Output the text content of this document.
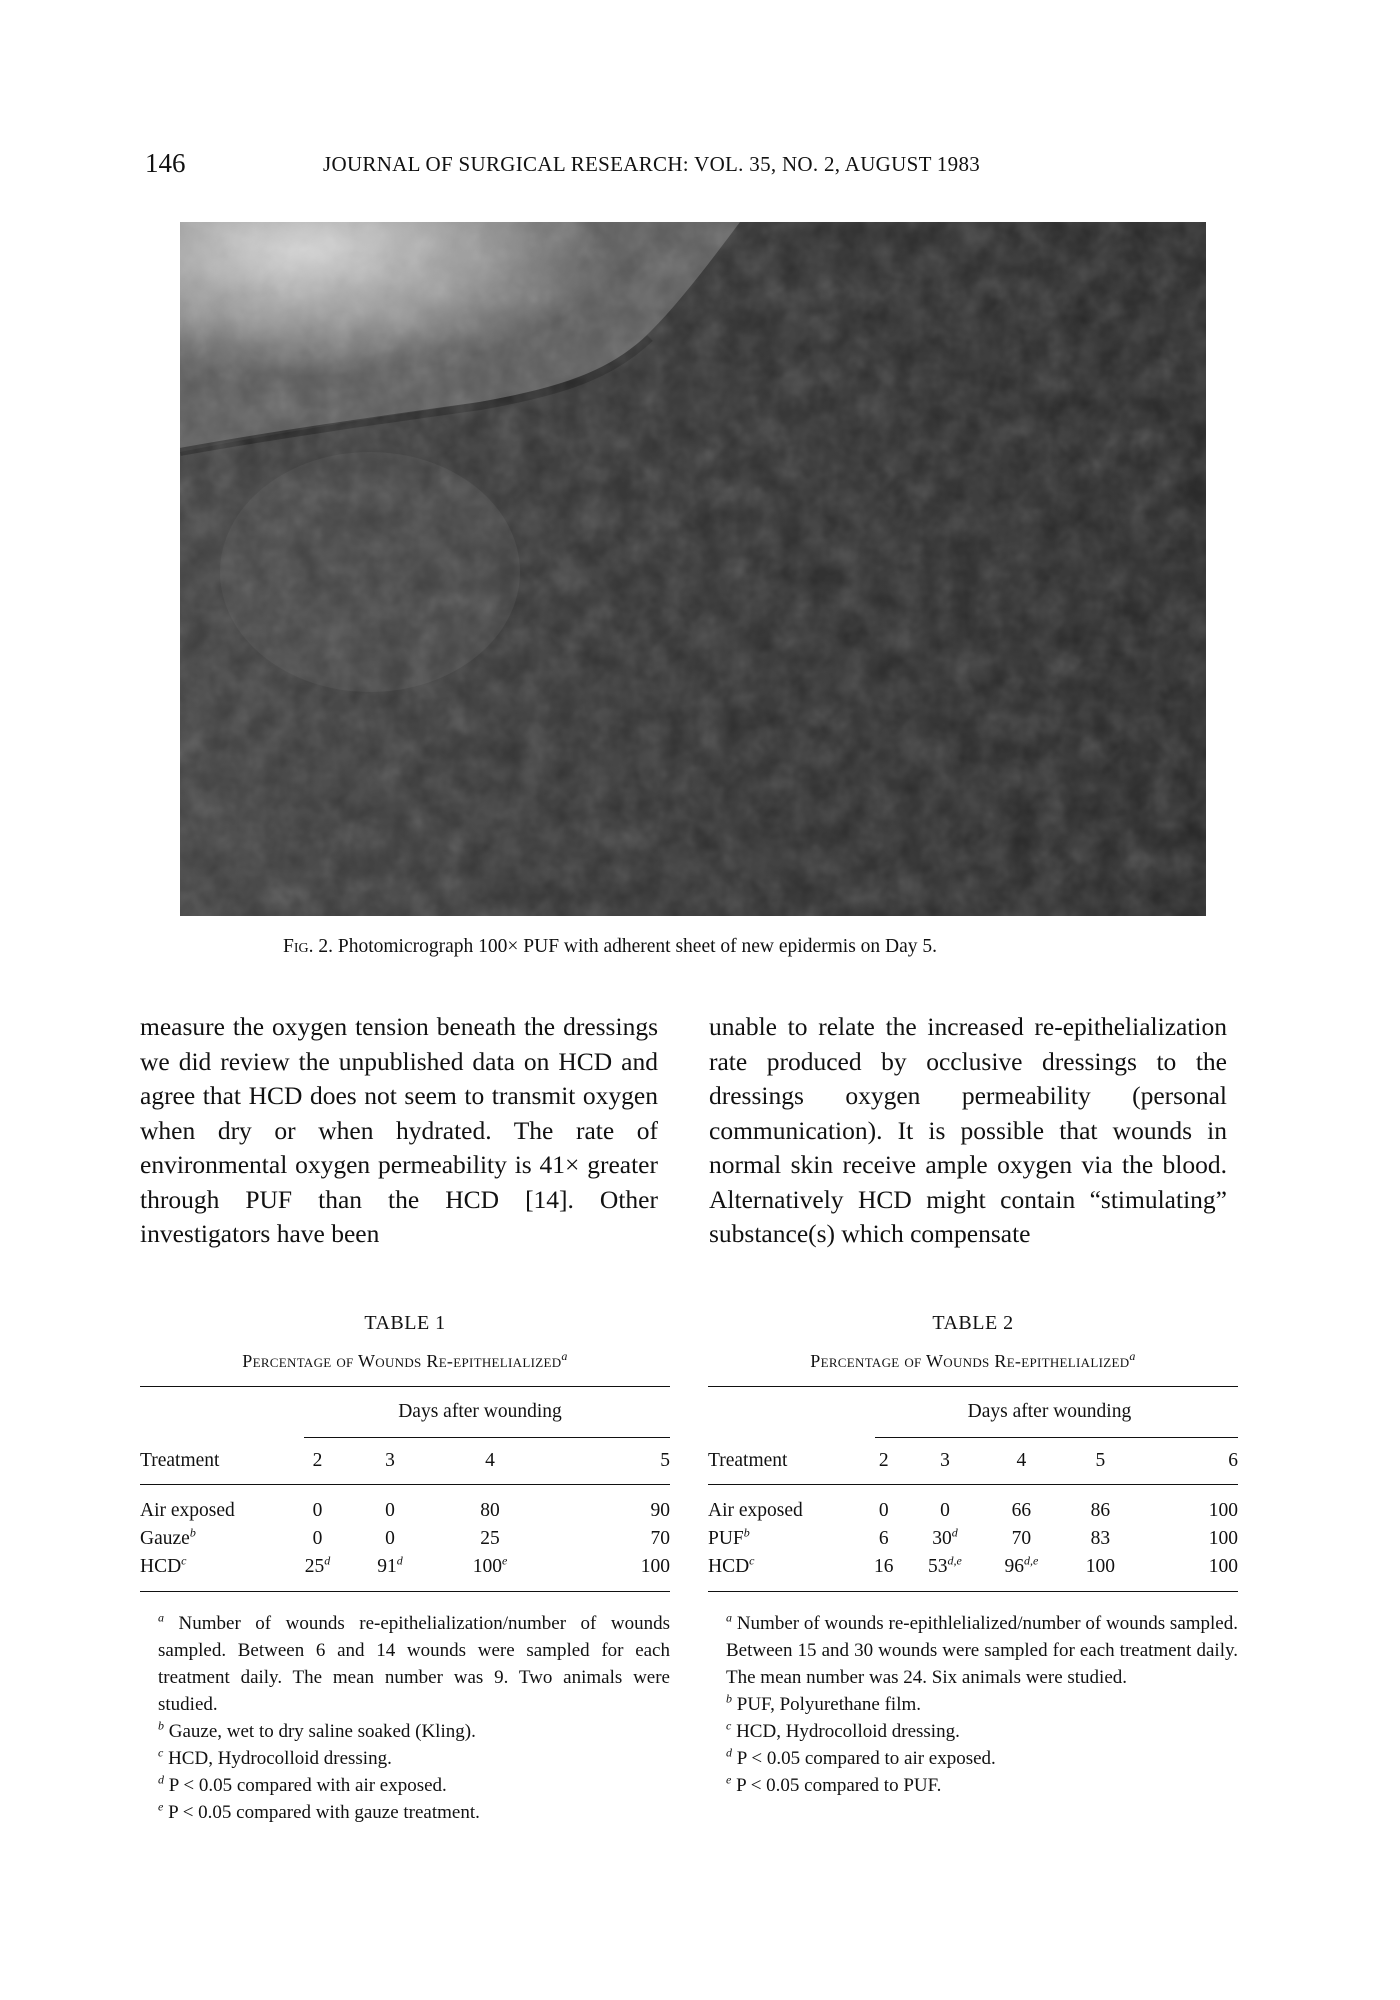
146	JOURNAL OF SURGICAL RESEARCH: VOL. 35, NO. 2, AUGUST 1983
Fig. 2. Photomicrograph 100× PUF with adherent sheet of new epidermis on Day 5.
measure the oxygen tension beneath the dressings we did review the unpublished data on HCD and agree that HCD does not seem to transmit oxygen when dry or when hydrated. The rate of environmental oxygen permeability is 41× greater through PUF than the HCD [14]. Other investigators have been
unable to relate the increased re-epithelialization rate produced by occlusive dressings to the dressings oxygen permeability (personal communication). It is possible that wounds in normal skin receive ample oxygen via the blood. Alternatively HCD might contain “stimulating” substance(s) which compensate
TABLE 1
Percentage of Wounds Re-epithelialized$^a$
	Days after wounding			

Treatment	2	3	4	5

Air exposed	0	0	80	90
Gauze$^b$	0	0	25	70
HCD$^c$	25$^d$	91$^d$	100e	100

$^a$ Number of wounds re-epithelialization/number of wounds sampled. Between 6 and 14 wounds were sampled for each treatment daily. The mean number was 9. Two animals were studied.

$^b$ Gauze, wet to dry saline soaked (Kling).

$^c$ HCD, Hydrocolloid dressing.

$^d$ P < 0.05 compared with air exposed.

$^e$ P < 0.05 compared with gauze treatment.

TABLE 2
Percentage of Wounds Re-epithelialized$^a$
	Days after wounding				

Treatment	2	3	4	5	6

Air exposed	0	0	66	86	100
PUF$^b$	6	30$^d$	70	83	100
HCD$^c$	16	53$^{d,e}$	96$^{d,e}$	100	100

$^a$ Number of wounds re-epithlelialized/number of wounds sampled. Between 15 and 30 wounds were sampled for each treatment daily. The mean number was 24. Six animals were studied.

$^b$ PUF, Polyurethane film.

$^c$ HCD, Hydrocolloid dressing.

$^d$ P < 0.05 compared to air exposed.

$^e$ P < 0.05 compared to PUF.
